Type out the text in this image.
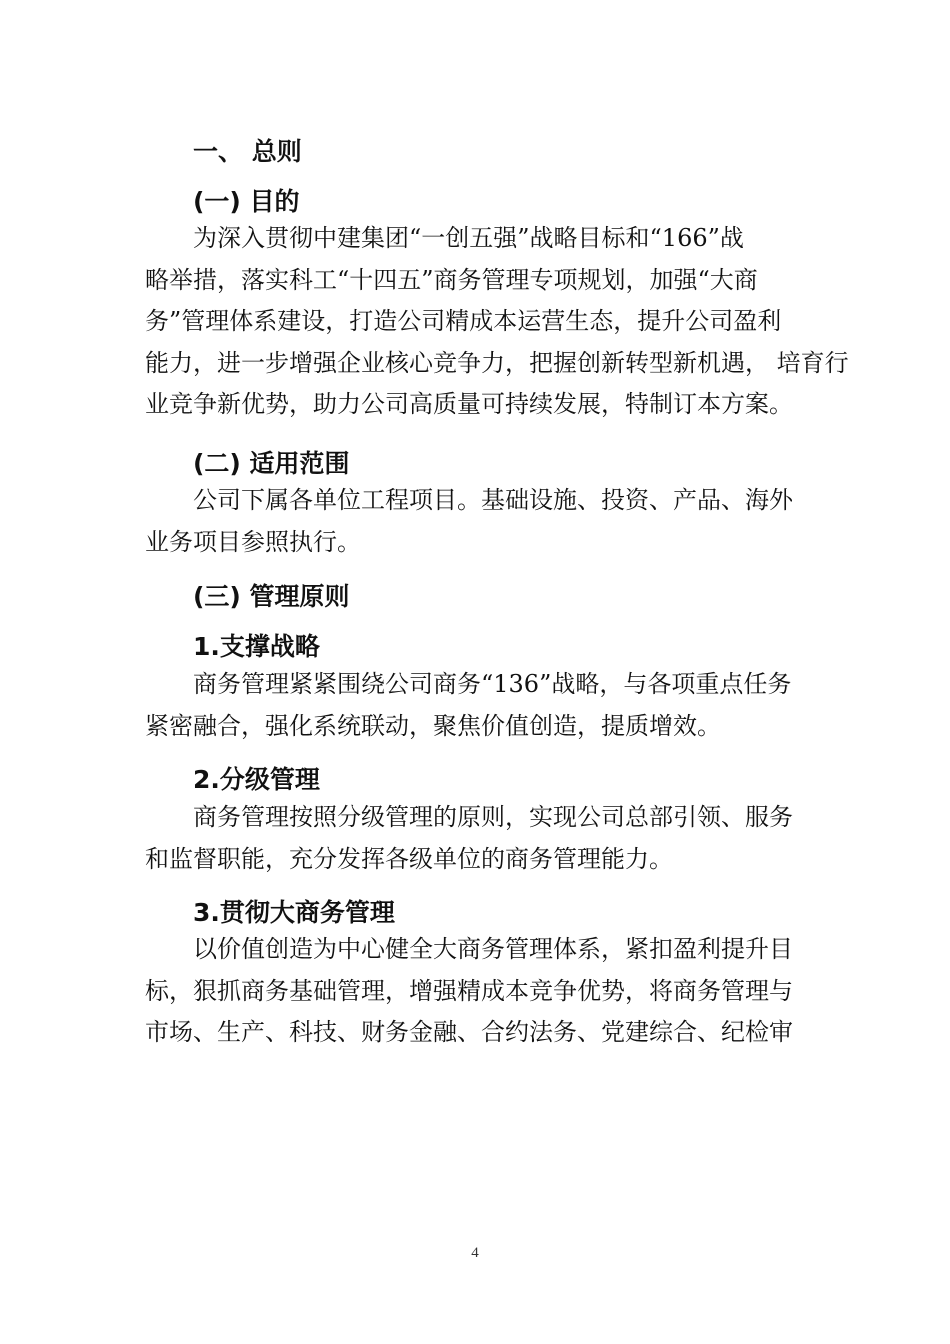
一、 总则
(一) 目的
为深入贯彻中建集团“一创五强”战略目标和“166”战
略举措，落实科工“十四五”商务管理专项规划，加强“大商
务”管理体系建设，打造公司精成本运营生态，提升公司盈利
能力，进一步增强企业核心竞争力，把握创新转型新机遇， 培育行
业竞争新优势，助力公司高质量可持续发展，特制订本方案。
(二) 适用范围
公司下属各单位工程项目。基础设施、投资、产品、海外
业务项目参照执行。
(三) 管理原则
1.支撑战略
商务管理紧紧围绕公司商务“136”战略，与各项重点任务
紧密融合，强化系统联动，聚焦价值创造，提质增效。
2.分级管理
商务管理按照分级管理的原则，实现公司总部引领、服务
和监督职能，充分发挥各级单位的商务管理能力。
3.贯彻大商务管理
以价值创造为中心健全大商务管理体系，紧扣盈利提升目
标，狠抓商务基础管理，增强精成本竞争优势，将商务管理与
市场、生产、科技、财务金融、合约法务、党建综合、纪检审
4
